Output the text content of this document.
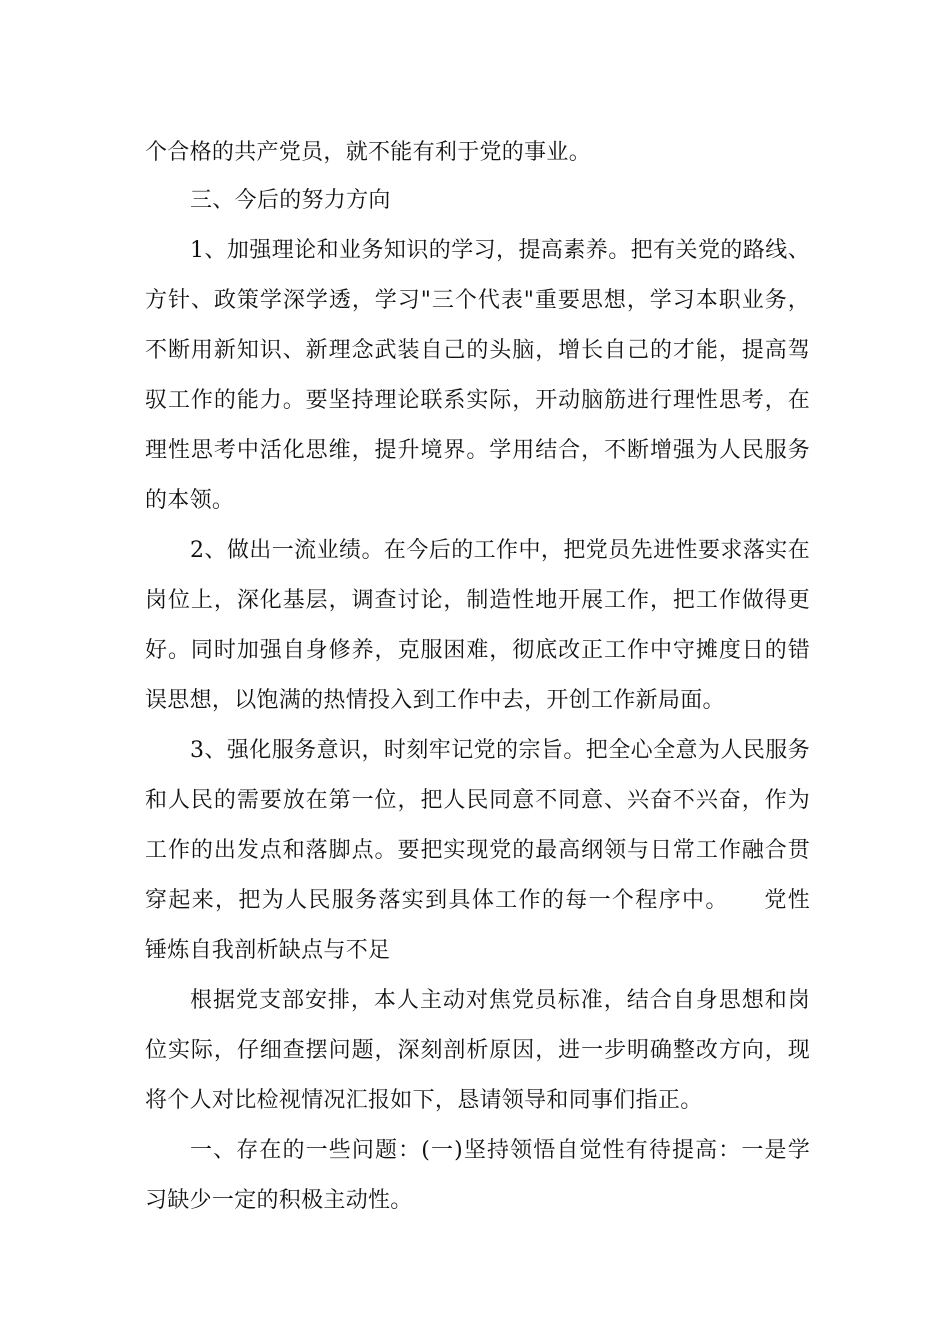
个合格的共产党员，就不能有利于党的事业。

三、今后的努力方向

1、加强理论和业务知识的学习，提高素养。把有关党的路线、

方针、政策学深学透，学习"三个代表"重要思想，学习本职业务，

不断用新知识、新理念武装自己的头脑，增长自己的才能，提高驾

驭工作的能力。要坚持理论联系实际，开动脑筋进行理性思考，在

理性思考中活化思维，提升境界。学用结合，不断增强为人民服务

的本领。

2、做出一流业绩。在今后的工作中，把党员先进性要求落实在

岗位上，深化基层，调查讨论，制造性地开展工作，把工作做得更

好。同时加强自身修养，克服困难，彻底改正工作中守摊度日的错

误思想，以饱满的热情投入到工作中去，开创工作新局面。

3、强化服务意识，时刻牢记党的宗旨。把全心全意为人民服务

和人民的需要放在第一位，把人民同意不同意、兴奋不兴奋，作为

工作的出发点和落脚点。要把实现党的最高纲领与日常工作融合贯

穿起来，把为人民服务落实到具体工作的每一个程序中。　　党性

锤炼自我剖析缺点与不足

根据党支部安排，本人主动对焦党员标准，结合自身思想和岗

位实际，仔细查摆问题，深刻剖析原因，进一步明确整改方向，现

将个人对比检视情况汇报如下，恳请领导和同事们指正。

一、存在的一些问题：(一)坚持领悟自觉性有待提高：一是学

习缺少一定的积极主动性。
